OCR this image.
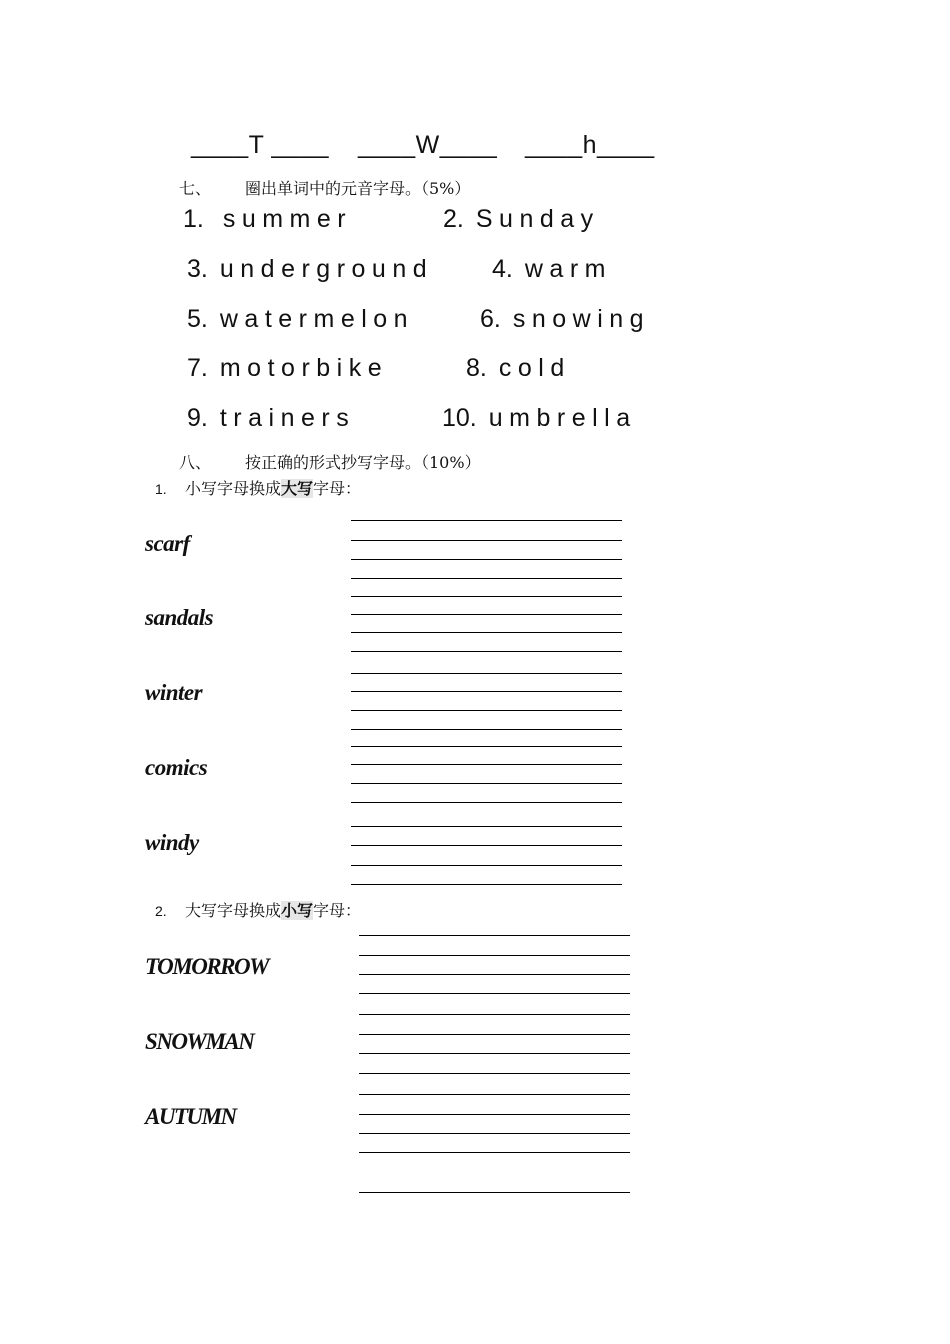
____T ____ ____W____ ____h____
七、 圈出单词中的元音字母。（5%）
1. summer	2. Sunday
3. underground 4. warm
5. watermelon	6. snowing
7. motorbike	8. cold
9. trainers	10. umbrella
八、 按正确的形式抄写字母。（10%）
1. 小写字母换成大写字母：
scarf
sandals
winter
comics
windy
2. 大写字母换成小写字母：
TOMORROW
SNOWMAN
AUTUMN
